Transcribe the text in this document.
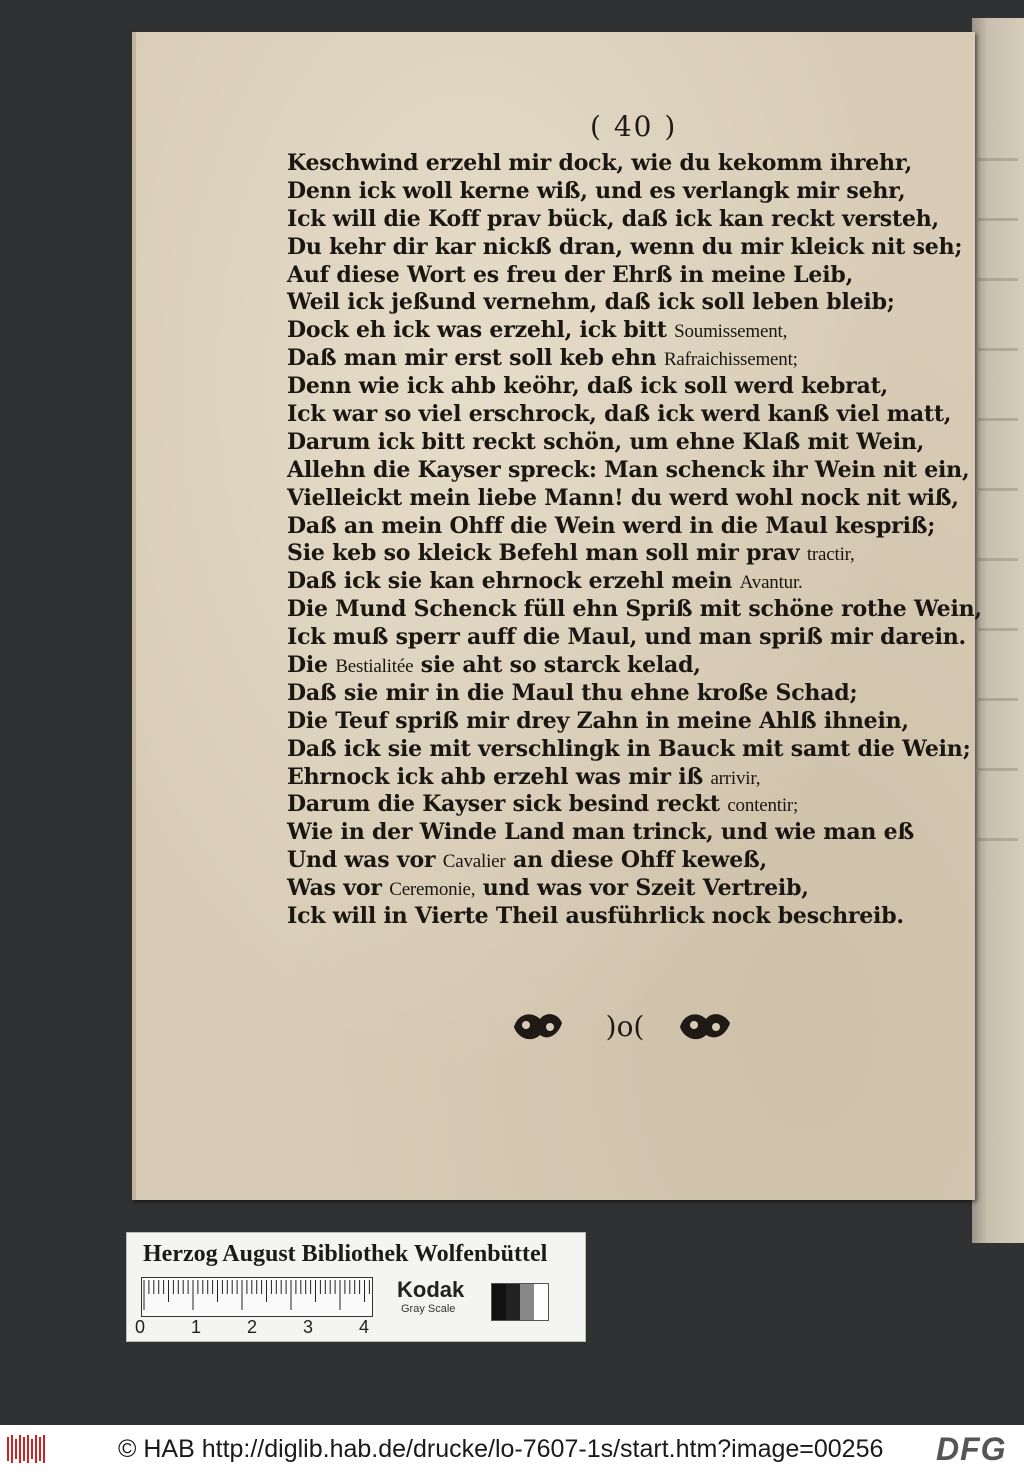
( 40 )
Keschwind erzehl mir dock, wie du kekomm ihrehr,
Denn ick woll kerne wiß, und es verlangk mir sehr,
Ick will die Koff prav bück, daß ick kan reckt versteh,
Du kehr dir kar nickß dran, wenn du mir kleick nit seh;
Auf diese Wort es freu der Ehrß in meine Leib,
Weil ick jeßund vernehm, daß ick soll leben bleib;
Dock eh ick was erzehl, ick bitt Soumissement,
Daß man mir erst soll keb ehn Rafraichissement;
Denn wie ick ahb keöhr, daß ick soll werd kebrat,
Ick war so viel erschrock, daß ick werd kanß viel matt,
Darum ick bitt reckt schön, um ehne Klaß mit Wein,
Allehn die Kayser spreck: Man schenck ihr Wein nit ein,
Vielleickt mein liebe Mann! du werd wohl nock nit wiß,
Daß an mein Ohff die Wein werd in die Maul kespriß;
Sie keb so kleick Befehl man soll mir prav tractir,
Daß ick sie kan ehrnock erzehl mein Avantur.
Die Mund Schenck füll ehn Spriß mit schöne rothe Wein,
Ick muß sperr auff die Maul, und man spriß mir darein.
Die Bestialitée sie aht so starck kelad,
Daß sie mir in die Maul thu ehne kroße Schad;
Die Teuf spriß mir drey Zahn in meine Ahlß ihnein,
Daß ick sie mit verschlingk in Bauck mit samt die Wein;
Ehrnock ick ahb erzehl was mir iß arrivir,
Darum die Kayser sick besind reckt contentir;
Wie in der Winde Land man trinck, und wie man eß
Und was vor Cavalier an diese Ohff keweß,
Was vor Ceremonie, und was vor Szeit Vertreib,
Ick will in Vierte Theil ausführlick nock beschreib.
)o(
Herzog August Bibliothek Wolfenbüttel
0	1	2	3	4
Kodak
Gray Scale
© HAB http://diglib.hab.de/drucke/lo-7607-1s/start.htm?image=00256 DFG
